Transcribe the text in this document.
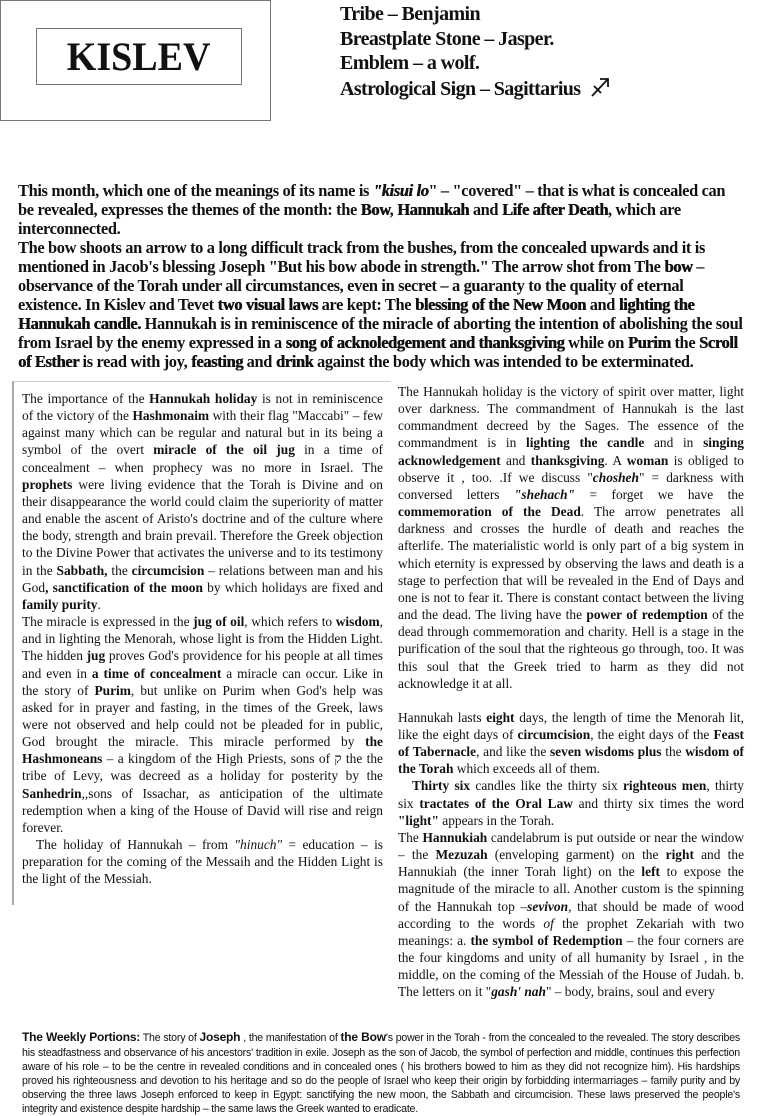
KISLEV
Tribe – Benjamin
Breastplate Stone – Jasper.
Emblem – a wolf.
Astrological Sign – Sagittarius

This month, which one of the meanings of its name is "kisui lo" – "covered" – that is what is concealed can be revealed, expresses the themes of the month: the Bow, Hannukah and Life after Death, which are interconnected.

The bow shoots an arrow to a long difficult track from the bushes, from the concealed upwards and it is mentioned in Jacob's blessing Joseph "But his bow abode in strength." The arrow shot from The bow – observance of the Torah under all circumstances, even in secret – a guaranty to the quality of eternal existence. In Kislev and Tevet two visual laws are kept: The blessing of the New Moon and lighting the Hannukah candle. Hannukah is in reminiscence of the miracle of aborting the intention of abolishing the soul from Israel by the enemy expressed in a song of acknoledgement and thanksgiving while on Purim the Scroll of Esther is read with joy, feasting and drink against the body which was intended to be exterminated.

The importance of the Hannukah holiday is not in reminiscence of the victory of the Hashmonaim with their flag "Maccabi" – few against many which can be regular and natural but in its being a symbol of the overt miracle of the oil jug in a time of concealment – when prophecy was no more in Israel. The prophets were living evidence that the Torah is Divine and on their disappearance the world could claim the superiority of matter and enable the ascent of Aristo's doctrine and of the culture where the body, strength and brain prevail. Therefore the Greek objection to the Divine Power that activates the universe and to its testimony in the Sabbath, the circumcision – relations between man and his God, sanctification of the moon by which holidays are fixed and family purity.

The miracle is expressed in the jug of oil, which refers to wisdom, and in lighting the Menorah, whose light is from the Hidden Light. The hidden jug proves God's providence for his people at all times and even in a time of concealment a miracle can occur. Like in the story of Purim, but unlike on Purim when God's help was asked for in prayer and fasting, in the times of the Greek, laws were not observed and help could not be pleaded for in public, God brought the miracle. This miracle performed by the Hashmoneans – a kingdom of the High Priests, sons of ק the the tribe of Levy, was decreed as a holiday for posterity by the Sanhedrin,,sons of Issachar, as anticipation of the ultimate redemption when a king of the House of David will rise and reign forever.

The holiday of Hannukah – from "hinuch" = education – is preparation for the coming of the Messaih and the Hidden Light is the light of the Messiah.

The Hannukah holiday is the victory of spirit over matter, light over darkness. The commandment of Hannukah is the last commandment decreed by the Sages. The essence of the commandment is in lighting the candle and in singing acknowledgement and thanksgiving. A woman is obliged to observe it , too. .If we discuss "chosheh" = darkness with conversed letters "shehach" = forget we have the commemoration of the Dead. The arrow penetrates all darkness and crosses the hurdle of death and reaches the afterlife. The materialistic world is only part of a big system in which eternity is expressed by observing the laws and death is a stage to perfection that will be revealed in the End of Days and one is not to fear it. There is constant contact between the living and the dead. The living have the power of redemption of the dead through commemoration and charity. Hell is a stage in the purification of the soul that the righteous go through, too. It was this soul that the Greek tried to harm as they did not acknowledge it at all.

Hannukah lasts eight days, the length of time the Menorah lit, like the eight days of circumcision, the eight days of the Feast of Tabernacle, and like the seven wisdoms plus the wisdom of the Torah which exceeds all of them.

Thirty six candles like the thirty six righteous men, thirty six tractates of the Oral Law and thirty six times the word "light" appears in the Torah.

The Hannukiah candelabrum is put outside or near the window – the Mezuzah (enveloping garment) on the right and the Hannukiah (the inner Torah light) on the left to expose the magnitude of the miracle to all. Another custom is the spinning of the Hannukah top –sevivon, that should be made of wood according to the words of the prophet Zekariah with two meanings: a. the symbol of Redemption – the four corners are the four kingdoms and unity of all humanity by Israel , in the middle, on the coming of the Messiah of the House of Judah. b. The letters on it "gash' nah" – body, brains, soul and every

The Weekly Portions: The story of Joseph , the manifestation of the Bow's power in the Torah - from the concealed to the revealed. The story describes his steadfastness and observance of his ancestors' tradition in exile. Joseph as the son of Jacob, the symbol of perfection and middle, continues this perfection aware of his role – to be the centre in revealed conditions and in concealed ones ( his brothers bowed to him as they did not recognize him). His hardships proved his righteousness and devotion to his heritage and so do the people of Israel who keep their origin by forbidding intermarriages – family purity and by observing the three laws Joseph enforced to keep in Egypt: sanctifying the new moon, the Sabbath and circumcision. These laws preserved the people's integrity and existence despite hardship – the same laws the Greek wanted to eradicate.
